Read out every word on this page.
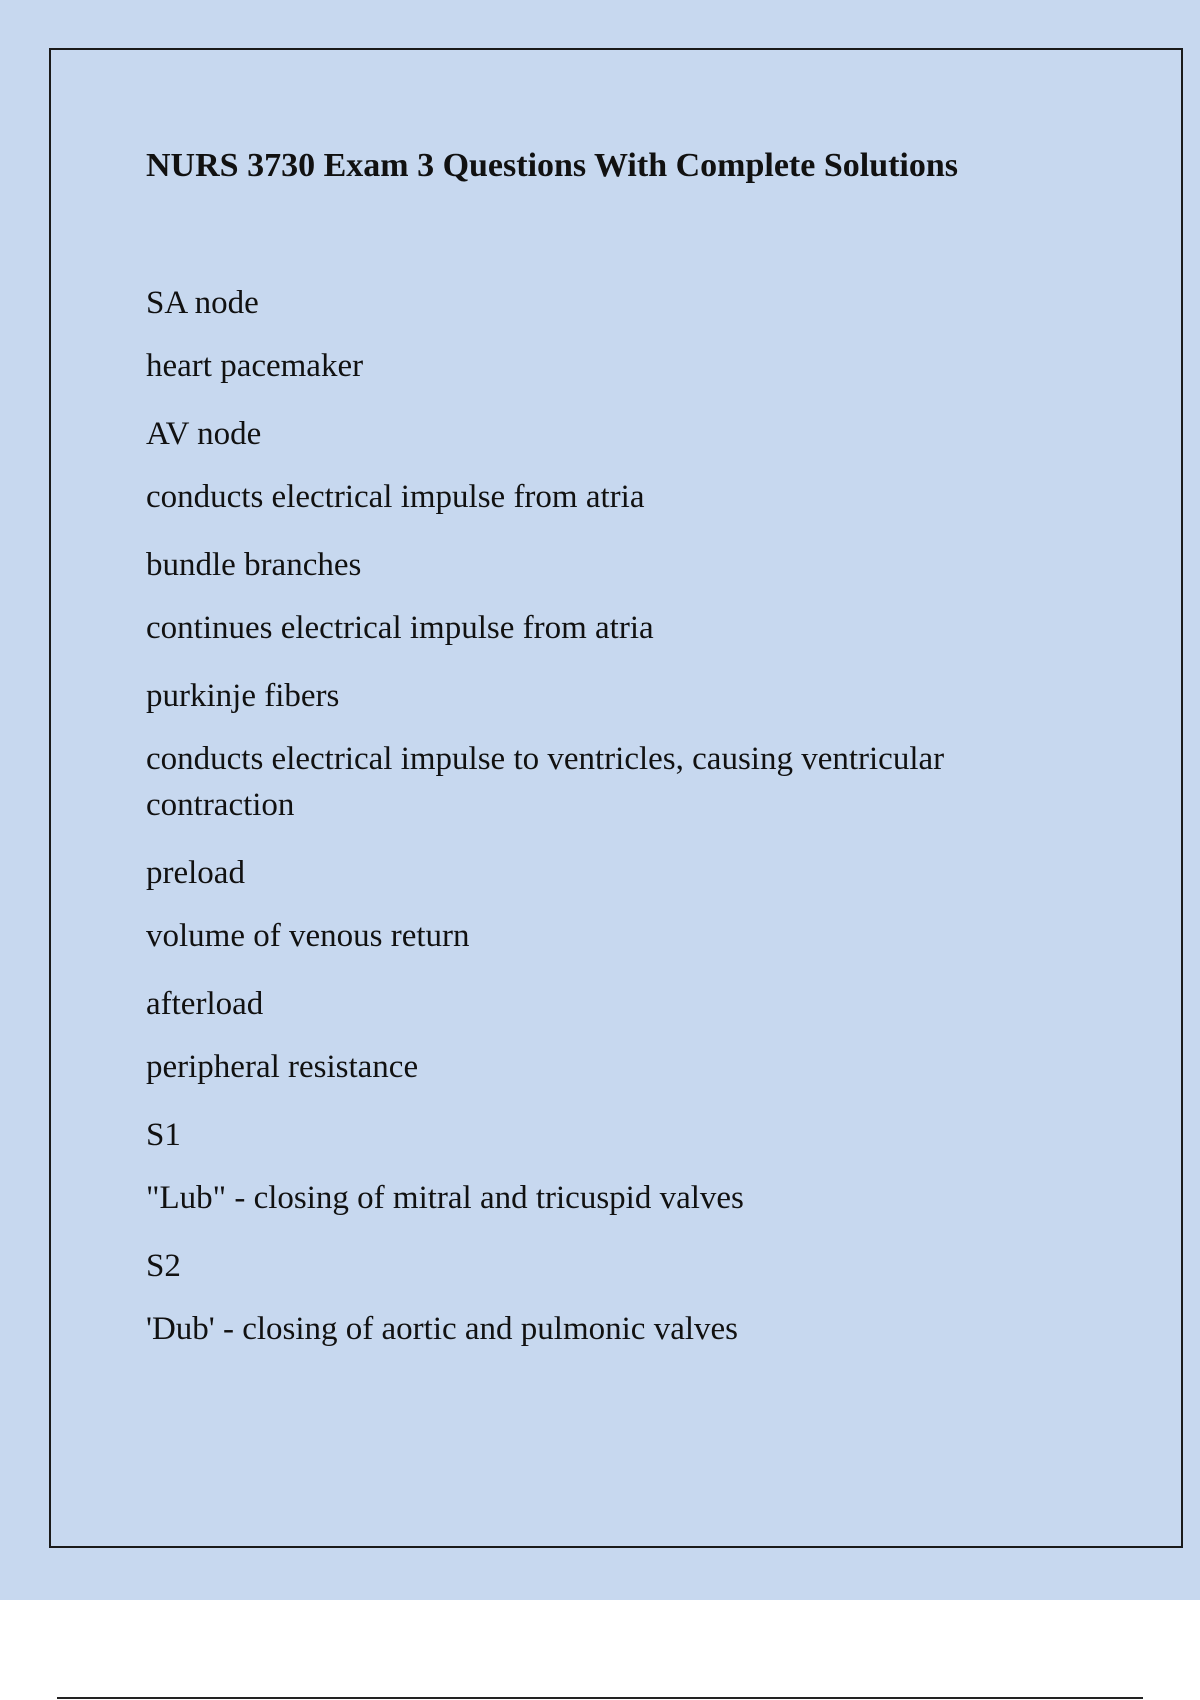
NURS 3730 Exam 3 Questions With Complete Solutions
SA node
heart pacemaker
AV node
conducts electrical impulse from atria
bundle branches
continues electrical impulse from atria
purkinje fibers
conducts electrical impulse to ventricles, causing ventricular contraction
preload
volume of venous return
afterload
peripheral resistance
S1
"Lub" - closing of mitral and tricuspid valves
S2
'Dub' - closing of aortic and pulmonic valves
